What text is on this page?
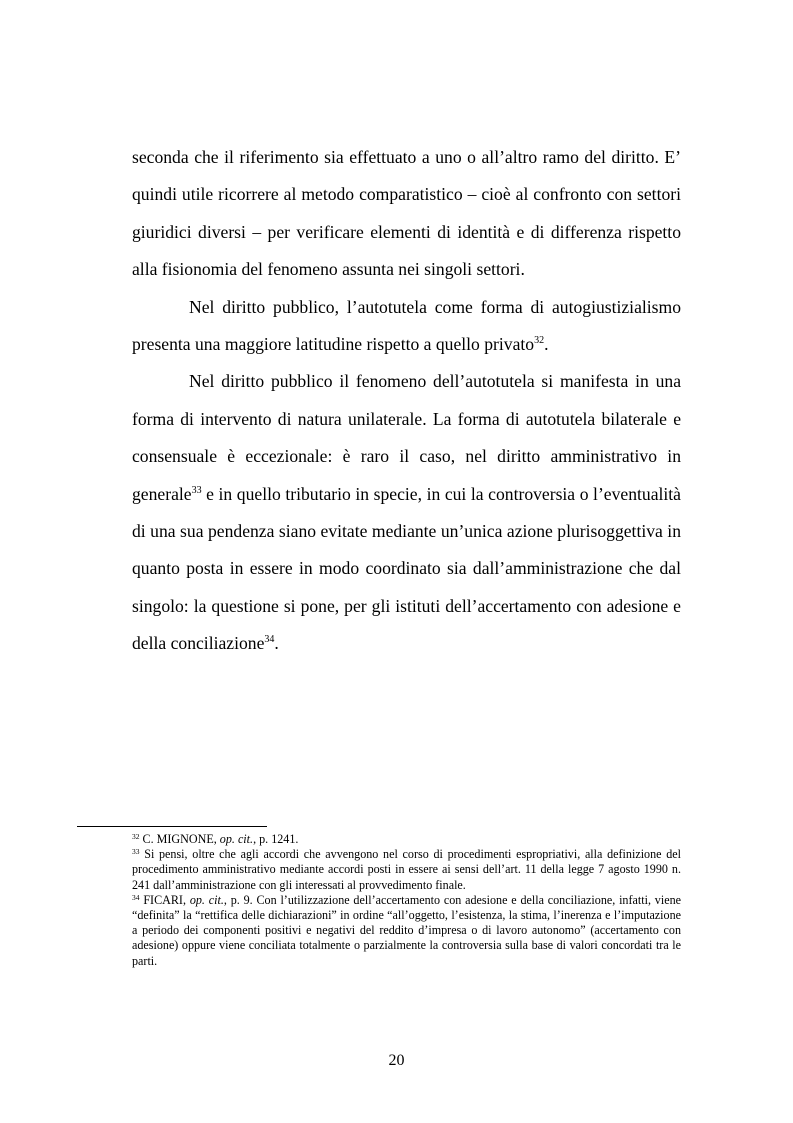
seconda che il riferimento sia effettuato a uno o all’altro ramo del diritto. E’ quindi utile ricorrere al metodo comparatistico – cioè al confronto con settori giuridici diversi – per verificare elementi di identità e di differenza rispetto alla fisionomia del fenomeno assunta nei singoli settori.

Nel diritto pubblico, l’autotutela come forma di autogiustizialismo presenta una maggiore latitudine rispetto a quello privato$^{32}$.

Nel diritto pubblico il fenomeno dell’autotutela si manifesta in una forma di intervento di natura unilaterale. La forma di autotutela bilaterale e consensuale è eccezionale: è raro il caso, nel diritto amministrativo in generale$^{33}$ e in quello tributario in specie, in cui la controversia o l’eventualità di una sua pendenza siano evitate mediante un’unica azione plurisoggettiva in quanto posta in essere in modo coordinato sia dall’amministrazione che dal singolo: la questione si pone, per gli istituti dell’accertamento con adesione e della conciliazione$^{34}$.

$^{32}$ C. MIGNONE, op. cit., p. 1241.

$^{33}$ Si pensi, oltre che agli accordi che avvengono nel corso di procedimenti espropriativi, alla definizione del procedimento amministrativo mediante accordi posti in essere ai sensi dell’art. 11 della legge 7 agosto 1990 n. 241 dall’amministrazione con gli interessati al provvedimento finale.

$^{34}$ FICARI, op. cit., p. 9. Con l’utilizzazione dell’accertamento con adesione e della conciliazione, infatti, viene “definita” la “rettifica delle dichiarazioni” in ordine “all’oggetto, l’esistenza, la stima, l’inerenza e l’imputazione a periodo dei componenti positivi e negativi del reddito d’impresa o di lavoro autonomo” (accertamento con adesione) oppure viene conciliata totalmente o parzialmente la controversia sulla base di valori concordati tra le parti.

20
